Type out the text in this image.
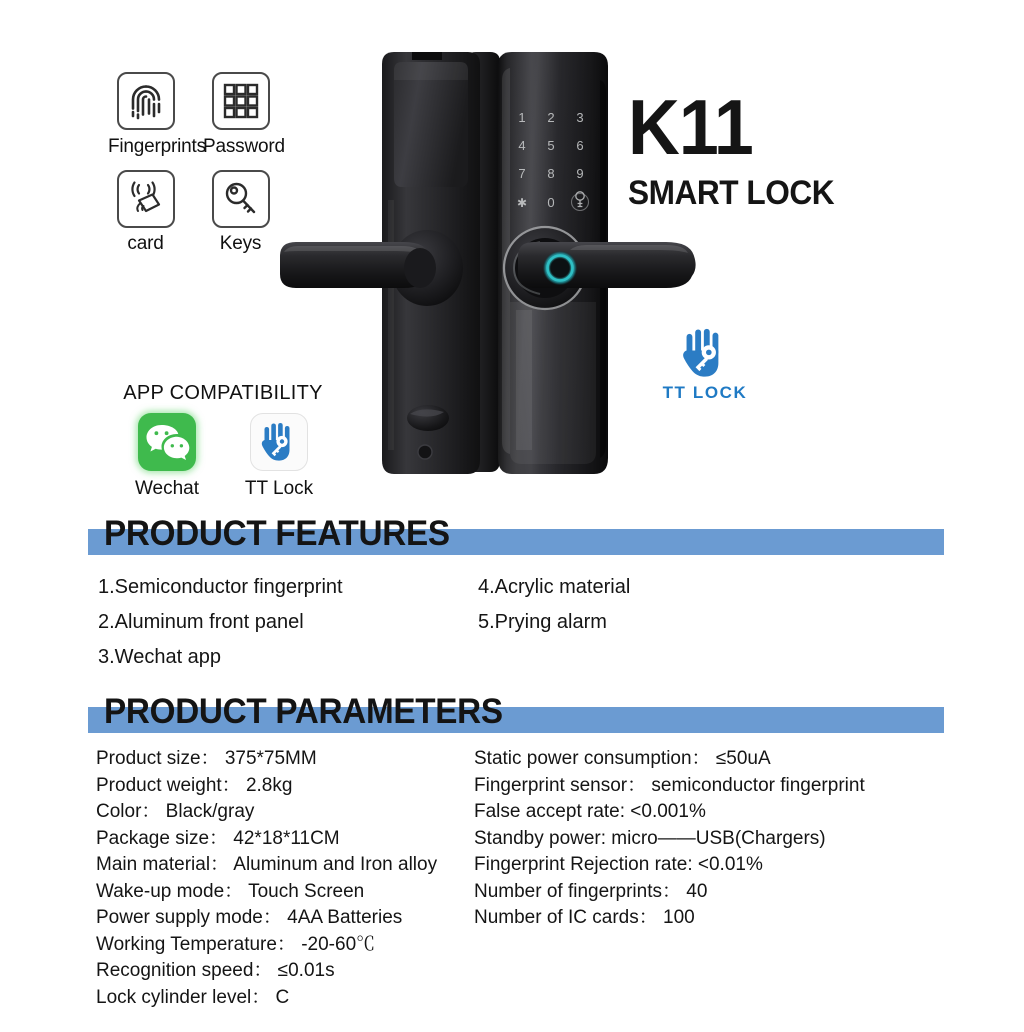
Fingerprints
Password
card	Keys
APP COMPATIBILITY
Wechat	TT Lock
K11
SMART LOCK
TT LOCK
1 2 3
4 5 6
7 8 9
✱ 0
PRODUCT FEATURES
1.Semiconductor fingerprint
2.Aluminum front panel
3.Wechat app
4.Acrylic material
5.Prying alarm
PRODUCT PARAMETERS
Product size： 375*75MM
Product weight： 2.8kg
Color： Black/gray
Package size： 42*18*11CM
Main material： Aluminum and Iron alloy
Wake-up mode： Touch Screen
Power supply mode： 4AA Batteries
Working Temperature： -20-60℃
Recognition speed： ≤0.01s
Lock cylinder level： C
Static power consumption： ≤50uA
Fingerprint sensor： semiconductor fingerprint
False accept rate: <0.001%
Standby power: micro——USB(Chargers)
Fingerprint Rejection rate: <0.01%
Number of fingerprints： 40
Number of IC cards： 100
